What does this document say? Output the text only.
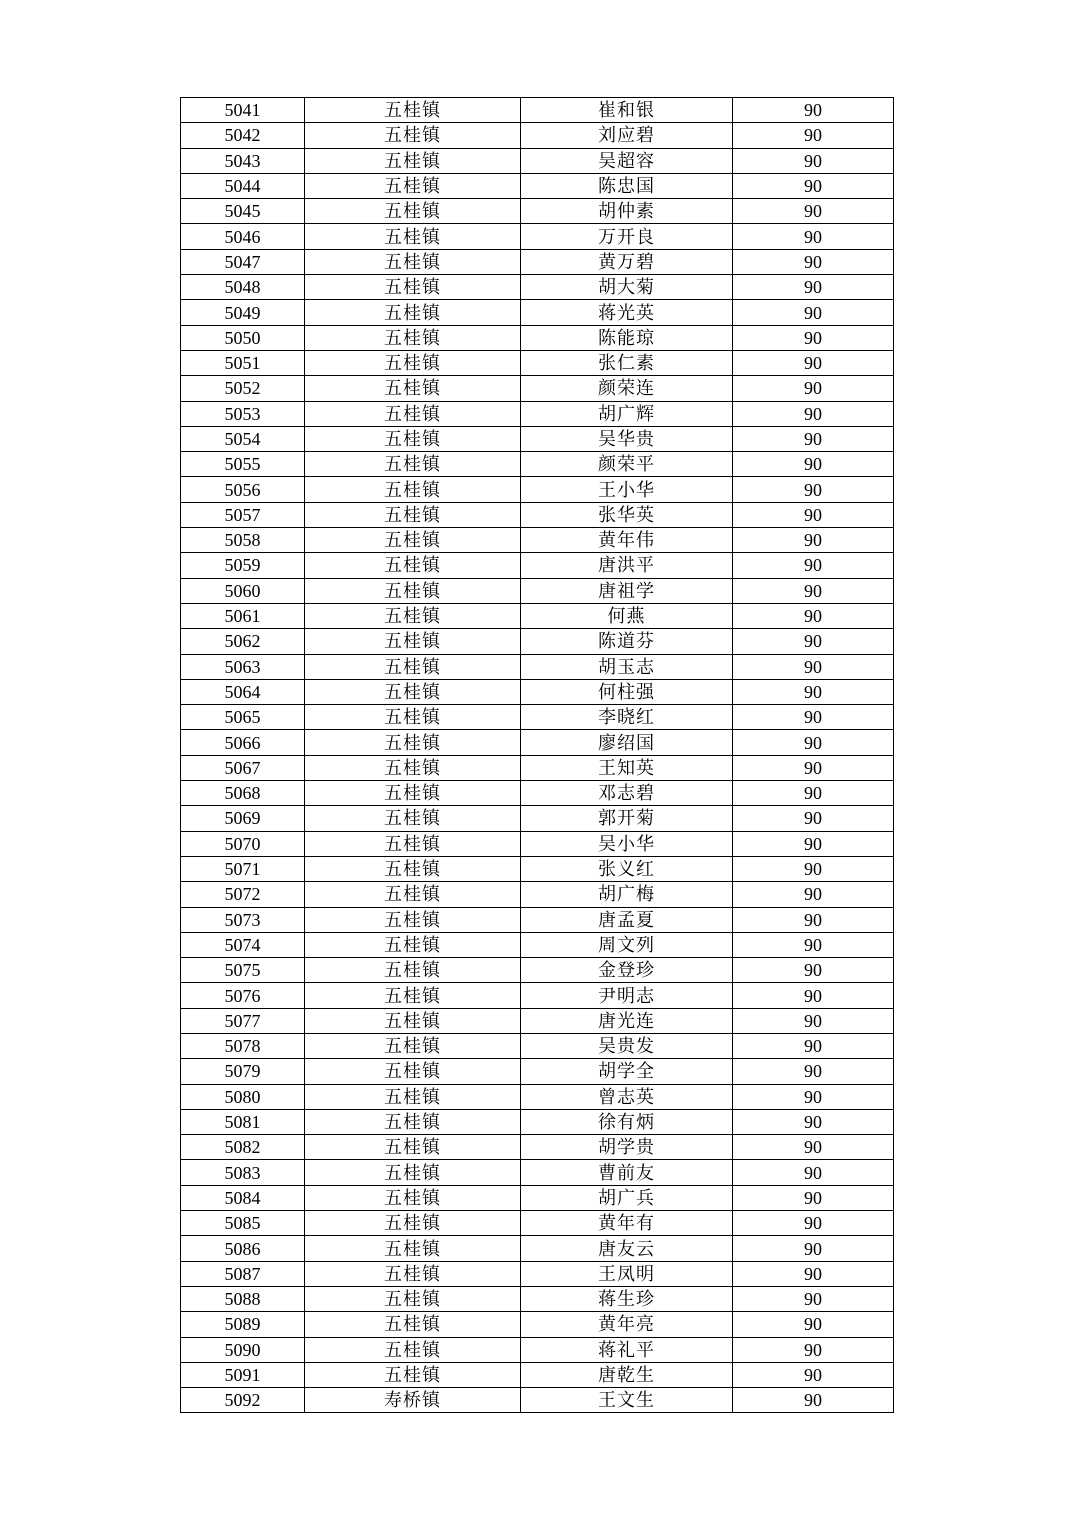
5041	五桂镇	崔和银	90
5042	五桂镇	刘应碧	90
5043	五桂镇	吴超容	90
5044	五桂镇	陈忠国	90
5045	五桂镇	胡仲素	90
5046	五桂镇	万开良	90
5047	五桂镇	黄万碧	90
5048	五桂镇	胡大菊	90
5049	五桂镇	蒋光英	90
5050	五桂镇	陈能琼	90
5051	五桂镇	张仁素	90
5052	五桂镇	颜荣连	90
5053	五桂镇	胡广辉	90
5054	五桂镇	吴华贵	90
5055	五桂镇	颜荣平	90
5056	五桂镇	王小华	90
5057	五桂镇	张华英	90
5058	五桂镇	黄年伟	90
5059	五桂镇	唐洪平	90
5060	五桂镇	唐祖学	90
5061	五桂镇	何燕	90
5062	五桂镇	陈道芬	90
5063	五桂镇	胡玉志	90
5064	五桂镇	何柱强	90
5065	五桂镇	李晓红	90
5066	五桂镇	廖绍国	90
5067	五桂镇	王知英	90
5068	五桂镇	邓志碧	90
5069	五桂镇	郭开菊	90
5070	五桂镇	吴小华	90
5071	五桂镇	张义红	90
5072	五桂镇	胡广梅	90
5073	五桂镇	唐孟夏	90
5074	五桂镇	周文列	90
5075	五桂镇	金登珍	90
5076	五桂镇	尹明志	90
5077	五桂镇	唐光连	90
5078	五桂镇	吴贵发	90
5079	五桂镇	胡学全	90
5080	五桂镇	曾志英	90
5081	五桂镇	徐有炳	90
5082	五桂镇	胡学贵	90
5083	五桂镇	曹前友	90
5084	五桂镇	胡广兵	90
5085	五桂镇	黄年有	90
5086	五桂镇	唐友云	90
5087	五桂镇	王凤明	90
5088	五桂镇	蒋生珍	90
5089	五桂镇	黄年亮	90
5090	五桂镇	蒋礼平	90
5091	五桂镇	唐乾生	90
5092	寿桥镇	王文生	90
